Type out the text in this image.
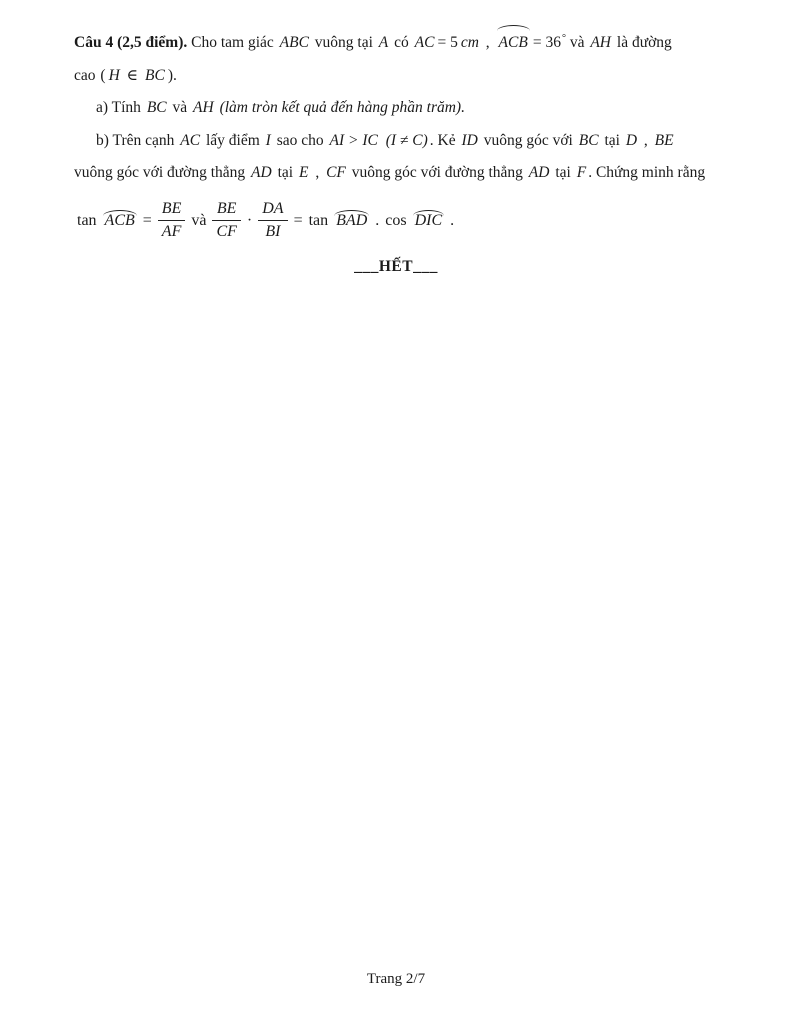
Câu 4 (2,5 điểm). Cho tam giác ABC vuông tại A có AC = 5 cm , ACB = 36° và AH là đường
cao ( H ∈ BC ).
a) Tính BC và AH (làm tròn kết quả đến hàng phần trăm).
b) Trên cạnh AC lấy điểm I sao cho AI > IC (I ≠ C) . Kẻ ID vuông góc với BC tại D , BE
vuông góc với đường thẳng AD tại E , CF vuông góc với đường thẳng AD tại F . Chứng minh rằng
tan ACB = $\frac{BE}{AF}$ và $\frac{BE}{CF} \cdot \frac{DA}{BI} = \tan$ BAD . cos DIC .
___HẾT___
Trang 2/7
